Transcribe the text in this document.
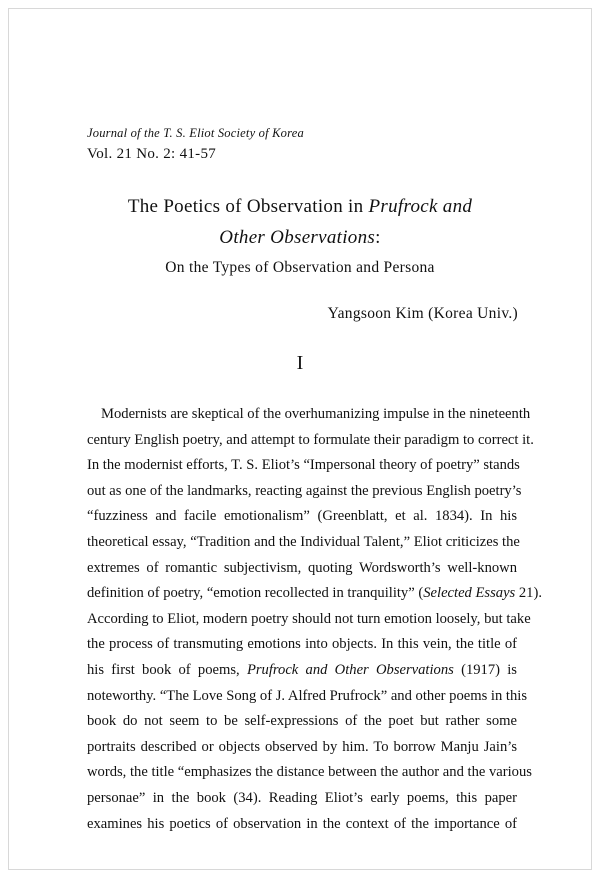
Journal of the T. S. Eliot Society of Korea
Vol. 21 No. 2: 41-57
The Poetics of Observation in Prufrock and
Other Observations:
On the Types of Observation and Persona
Yangsoon Kim (Korea Univ.)
I
Modernists are skeptical of the overhumanizing impulse in the nineteenth
century English poetry, and attempt to formulate their paradigm to correct it.
In the modernist efforts, T. S. Eliot’s “Impersonal theory of poetry” stands
out as one of the landmarks, reacting against the previous English poetry’s
“fuzziness and facile emotionalism” (Greenblatt, et al. 1834). In his
theoretical essay, “Tradition and the Individual Talent,” Eliot criticizes the
extremes of romantic subjectivism, quoting Wordsworth’s well-known
definition of poetry, “emotion recollected in tranquility” (Selected Essays 21).
According to Eliot, modern poetry should not turn emotion loosely, but take
the process of transmuting emotions into objects. In this vein, the title of
his first book of poems, Prufrock and Other Observations (1917) is
noteworthy. “The Love Song of J. Alfred Prufrock” and other poems in this
book do not seem to be self-expressions of the poet but rather some
portraits described or objects observed by him. To borrow Manju Jain’s
words, the title “emphasizes the distance between the author and the various
personae” in the book (34). Reading Eliot’s early poems, this paper
examines his poetics of observation in the context of the importance of
